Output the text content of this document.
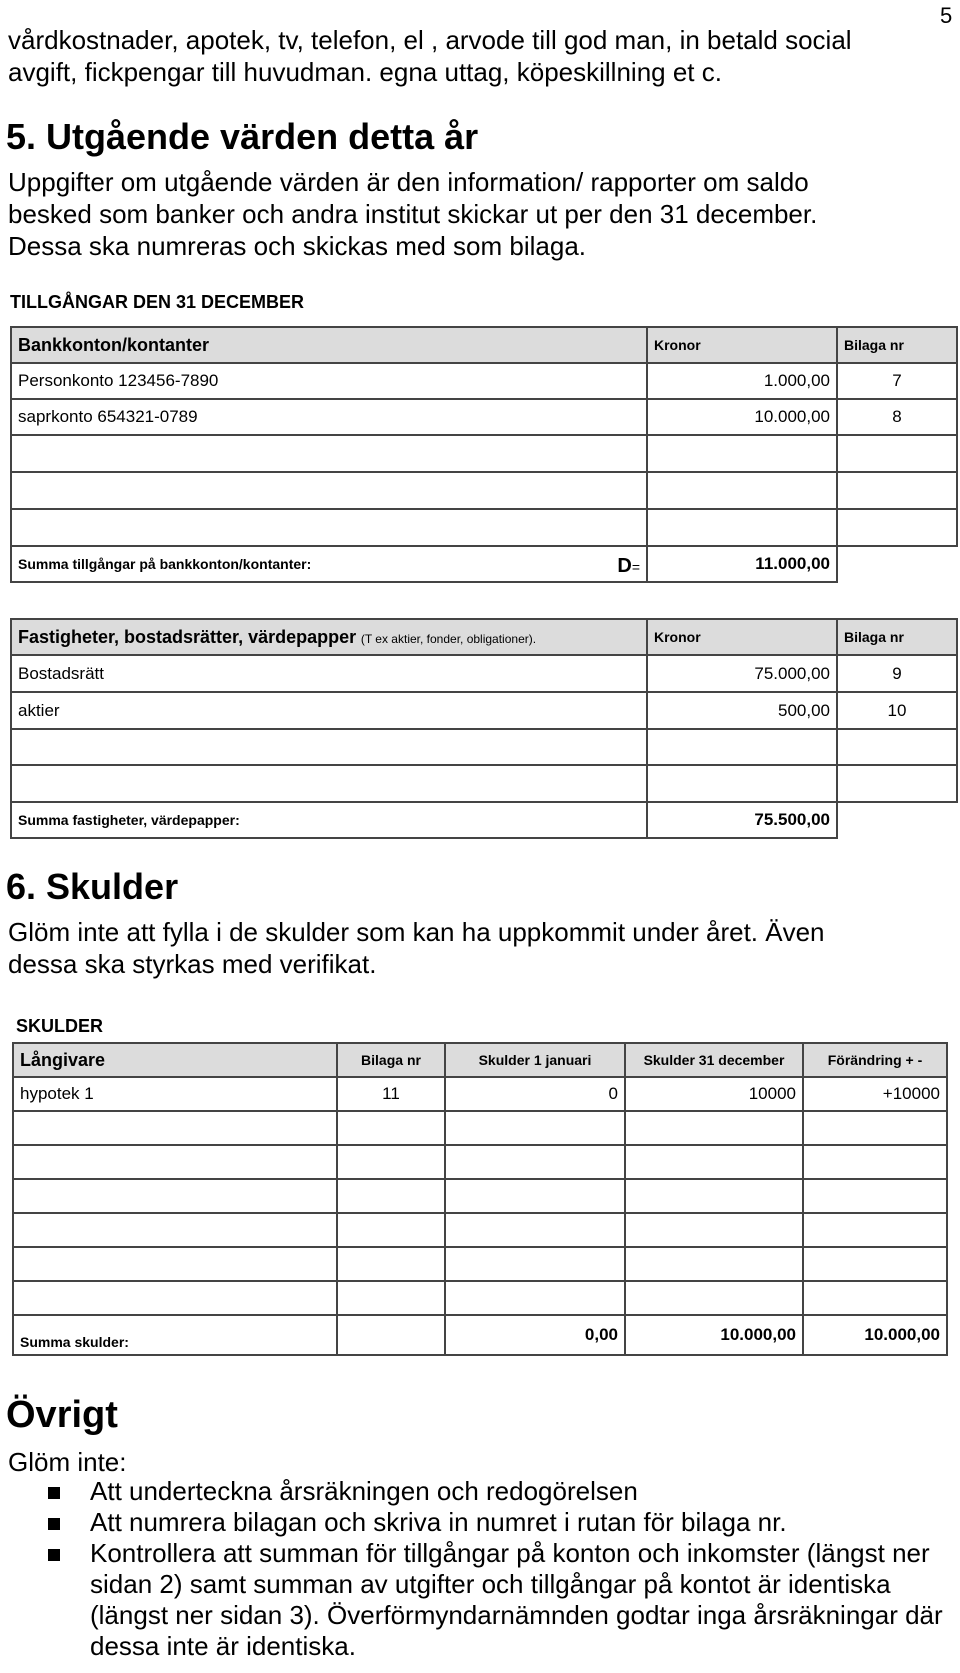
5
vårdkostnader, apotek, tv, telefon, el , arvode till god man, in betald social
avgift, fickpengar till huvudman. egna uttag, köpeskillning et c.
5. Utgående värden detta år
Uppgifter om utgående värden är den information/ rapporter om saldo
besked som banker och andra institut skickar ut per den 31 december.
Dessa ska numreras och skickas med som bilaga.
TILLGÅNGAR DEN 31 DECEMBER
Bankkonton/kontanter	Kronor	Bilaga nr
Personkonto 123456-7890	1.000,00	7
saprkonto 654321-0789	10.000,00	8

Summa tillgångar på bankkonton/kontanter: D=	11.000,00	
Fastigheter, bostadsrätter, värdepapper (T ex aktier, fonder, obligationer).	Kronor	Bilaga nr
Bostadsrätt	75.000,00	9
aktier	500,00	10

Summa fastigheter, värdepapper:	75.500,00	
6. Skulder
Glöm inte att fylla i de skulder som kan ha uppkommit under året. Även
dessa ska styrkas med verifikat.
SKULDER
Långivare	Bilaga nr	Skulder 1 januari	Skulder 31 december	Förändring + -
hypotek 1	11	0	10000	+10000

Summa skulder:		0,00	10.000,00	10.000,00
Övrigt
Glöm inte:
Att underteckna årsräkningen och redogörelsen
Att numrera bilagan och skriva in numret i rutan för bilaga nr.
Kontrollera att summan för tillgångar på konton och inkomster (längst ner sidan 2) samt summan av utgifter och tillgångar på kontot är identiska (längst ner sidan 3). Överförmyndarnämnden godtar inga årsräkningar där dessa inte är identiska.
